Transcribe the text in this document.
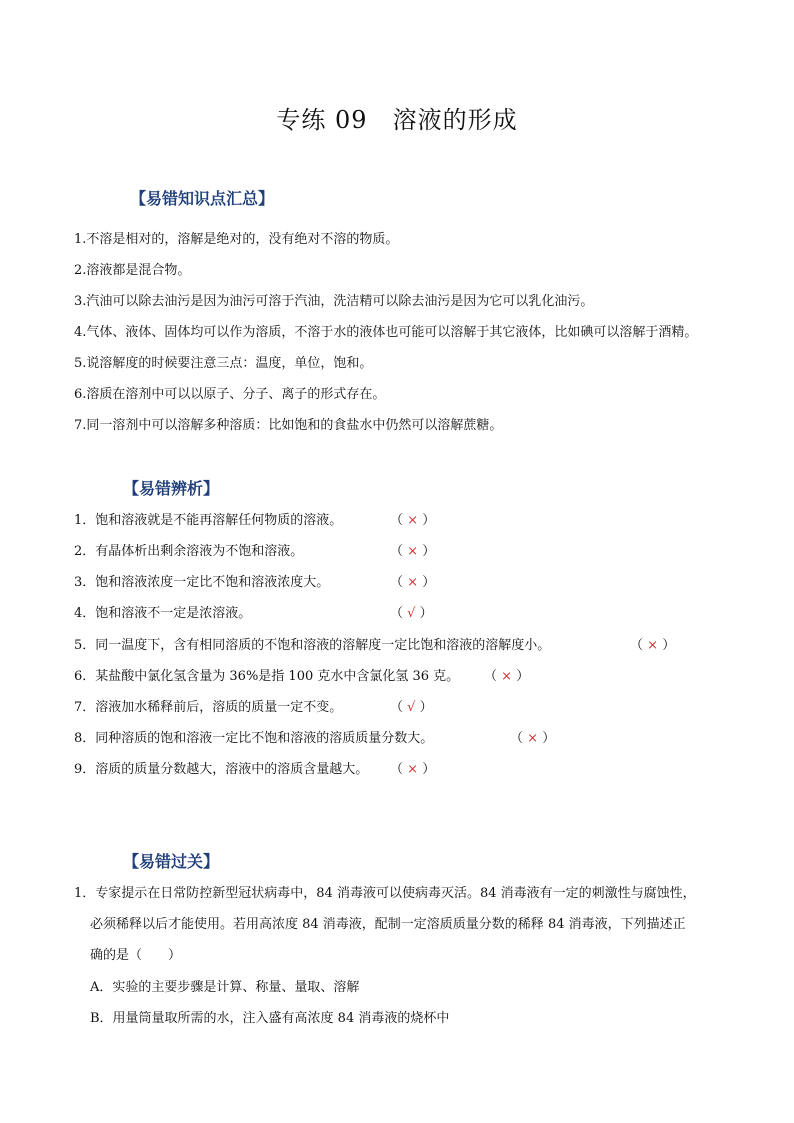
专练 09　溶液的形成
【易错知识点汇总】
1.不溶是相对的，溶解是绝对的，没有绝对不溶的物质。
2.溶液都是混合物。
3.汽油可以除去油污是因为油污可溶于汽油，洗洁精可以除去油污是因为它可以乳化油污。
4.气体、液体、固体均可以作为溶质，不溶于水的液体也可能可以溶解于其它液体，比如碘可以溶解于酒精。
5.说溶解度的时候要注意三点：温度，单位，饱和。
6.溶质在溶剂中可以以原子、分子、离子的形式存在。
7.同一溶剂中可以溶解多种溶质：比如饱和的食盐水中仍然可以溶解蔗糖。
【易错辨析】
1．饱和溶液就是不能再溶解任何物质的溶液。	（ × ）
2．有晶体析出剩余溶液为不饱和溶液。	（ × ）
3．饱和溶液浓度一定比不饱和溶液浓度大。	（ × ）
4．饱和溶液不一定是浓溶液。	（ √ ）
5．同一温度下，含有相同溶质的不饱和溶液的溶解度一定比饱和溶液的溶解度小。	（ × ）
6．某盐酸中氯化氢含量为 36%是指 100 克水中含氯化氢 36 克。 （ × ）
7．溶液加水稀释前后，溶质的质量一定不变。	（ √ ）
8．同种溶质的饱和溶液一定比不饱和溶液的溶质质量分数大。	（ × ）
9．溶质的质量分数越大，溶液中的溶质含量越大。 （ × ）
【易错过关】
1．专家提示在日常防控新型冠状病毒中，84 消毒液可以使病毒灭活。84 消毒液有一定的刺激性与腐蚀性，
必须稀释以后才能使用。若用高浓度 84 消毒液，配制一定溶质质量分数的稀释 84 消毒液，下列描述正
确的是（　　）
A．实验的主要步骤是计算、称量、量取、溶解
B．用量筒量取所需的水，注入盛有高浓度 84 消毒液的烧杯中
